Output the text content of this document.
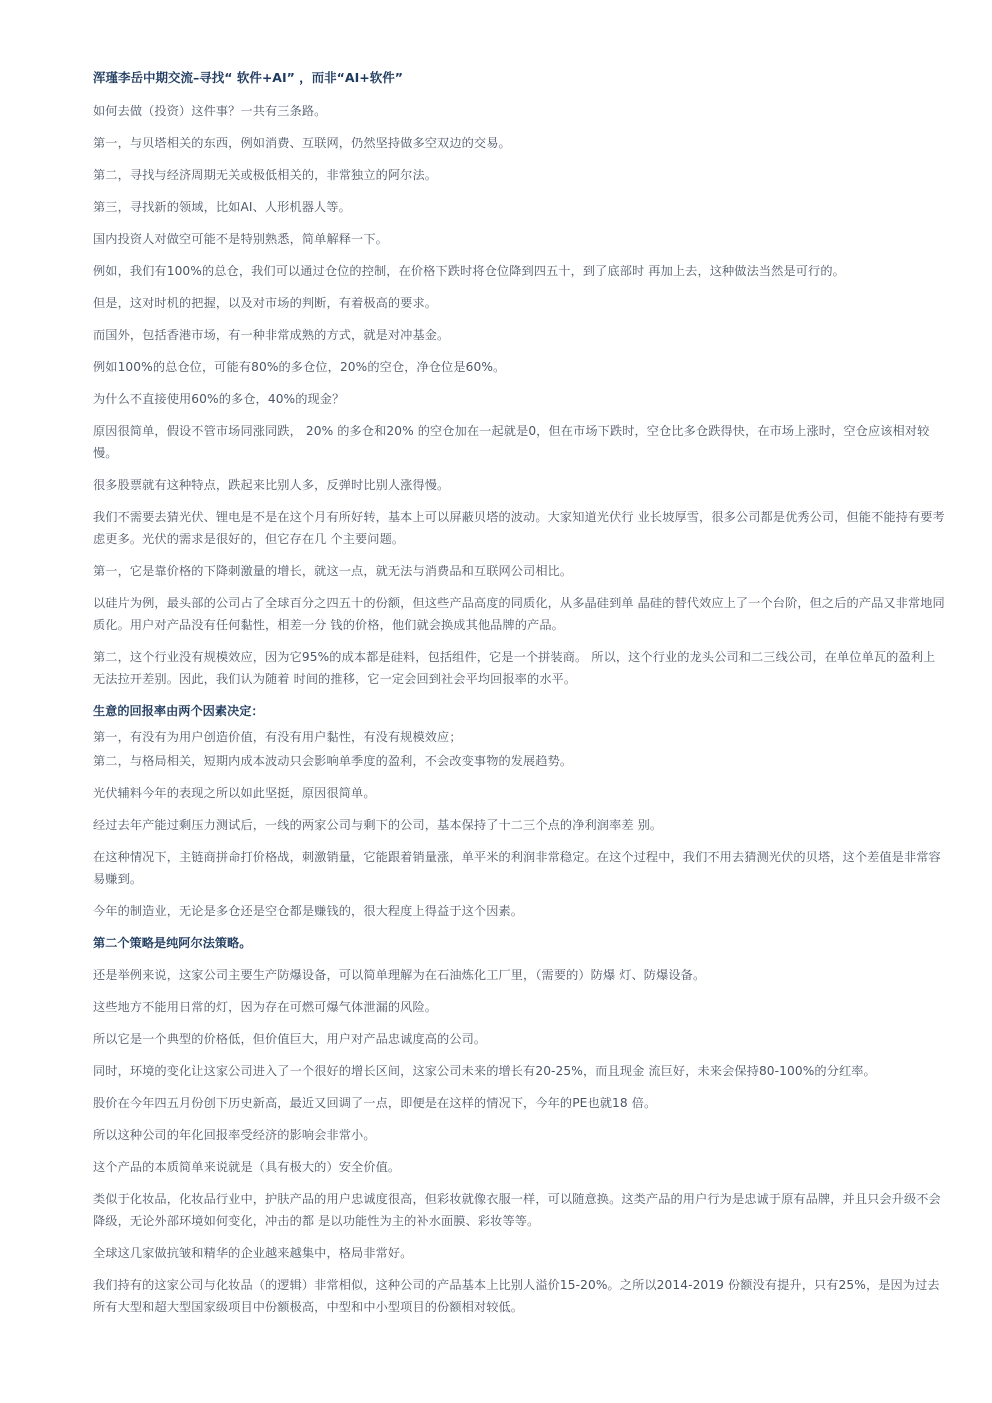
浑瑾李岳中期交流–寻找“ 软件+AI” ，而非“AI+软件”
如何去做（投资）这件事？一共有三条路。
第一，与贝塔相关的东西，例如消费、互联网，仍然坚持做多空双边的交易。
第二，寻找与经济周期无关或极低相关的，非常独立的阿尔法。
第三，寻找新的领域，比如AI、人形机器人等。
国内投资人对做空可能不是特别熟悉，简单解释一下。
例如，我们有100%的总仓，我们可以通过仓位的控制，在价格下跌时将仓位降到四五十，到了底部时 再加上去，这种做法当然是可行的。
但是，这对时机的把握，以及对市场的判断，有着极高的要求。
而国外，包括香港市场，有一种非常成熟的方式，就是对冲基金。
例如100%的总仓位，可能有80%的多仓位，20%的空仓，净仓位是60%。
为什么不直接使用60%的多仓，40%的现金？
原因很简单，假设不管市场同涨同跌， 20% 的多仓和20% 的空仓加在一起就是0，但在市场下跌时，空仓比多仓跌得快，在市场上涨时，空仓应该相对较慢。
很多股票就有这种特点，跌起来比别人多，反弹时比别人涨得慢。
我们不需要去猜光伏、锂电是不是在这个月有所好转，基本上可以屏蔽贝塔的波动。大家知道光伏行 业长坡厚雪，很多公司都是优秀公司，但能不能持有要考虑更多。光伏的需求是很好的，但它存在几 个主要问题。
第一，它是靠价格的下降刺激量的增长，就这一点，就无法与消费品和互联网公司相比。
以硅片为例，最头部的公司占了全球百分之四五十的份额，但这些产品高度的同质化，从多晶硅到单 晶硅的替代效应上了一个台阶，但之后的产品又非常地同质化。用户对产品没有任何黏性，相差一分 钱的价格，他们就会换成其他品牌的产品。
第二，这个行业没有规模效应，因为它95%的成本都是硅料，包括组件，它是一个拼装商。 所以，这个行业的龙头公司和二三线公司，在单位单瓦的盈利上无法拉开差别。因此，我们认为随着 时间的推移，它一定会回到社会平均回报率的水平。
生意的回报率由两个因素决定：
第一，有没有为用户创造价值，有没有用户黏性，有没有规模效应；
第二，与格局相关，短期内成本波动只会影响单季度的盈利，不会改变事物的发展趋势。
光伏辅料今年的表现之所以如此坚挺，原因很简单。
经过去年产能过剩压力测试后，一线的两家公司与剩下的公司，基本保持了十二三个点的净利润率差 别。
在这种情况下，主链商拼命打价格战，刺激销量，它能跟着销量涨，单平米的利润非常稳定。在这个过程中，我们不用去猜测光伏的贝塔，这个差值是非常容易赚到。
今年的制造业，无论是多仓还是空仓都是赚钱的，很大程度上得益于这个因素。
第二个策略是纯阿尔法策略。
还是举例来说，这家公司主要生产防爆设备，可以简单理解为在石油炼化工厂里，（需要的）防爆 灯、防爆设备。
这些地方不能用日常的灯，因为存在可燃可爆气体泄漏的风险。
所以它是一个典型的价格低，但价值巨大，用户对产品忠诚度高的公司。
同时，环境的变化让这家公司进入了一个很好的增长区间，这家公司未来的增长有20-25%，而且现金 流巨好，未来会保持80-100%的分红率。
股价在今年四五月份创下历史新高，最近又回调了一点，即便是在这样的情况下，今年的PE也就18 倍。
所以这种公司的年化回报率受经济的影响会非常小。
这个产品的本质简单来说就是（具有极大的）安全价值。
类似于化妆品，化妆品行业中，护肤产品的用户忠诚度很高，但彩妆就像衣服一样，可以随意换。这类产品的用户行为是忠诚于原有品牌，并且只会升级不会降级，无论外部环境如何变化，冲击的都 是以功能性为主的补水面膜、彩妆等等。
全球这几家做抗皱和精华的企业越来越集中，格局非常好。
我们持有的这家公司与化妆品（的逻辑）非常相似，这种公司的产品基本上比别人溢价15-20%。之所以2014-2019 份额没有提升，只有25%，是因为过去所有大型和超大型国家级项目中份额极高，中型和中小型项目的份额相对较低。
